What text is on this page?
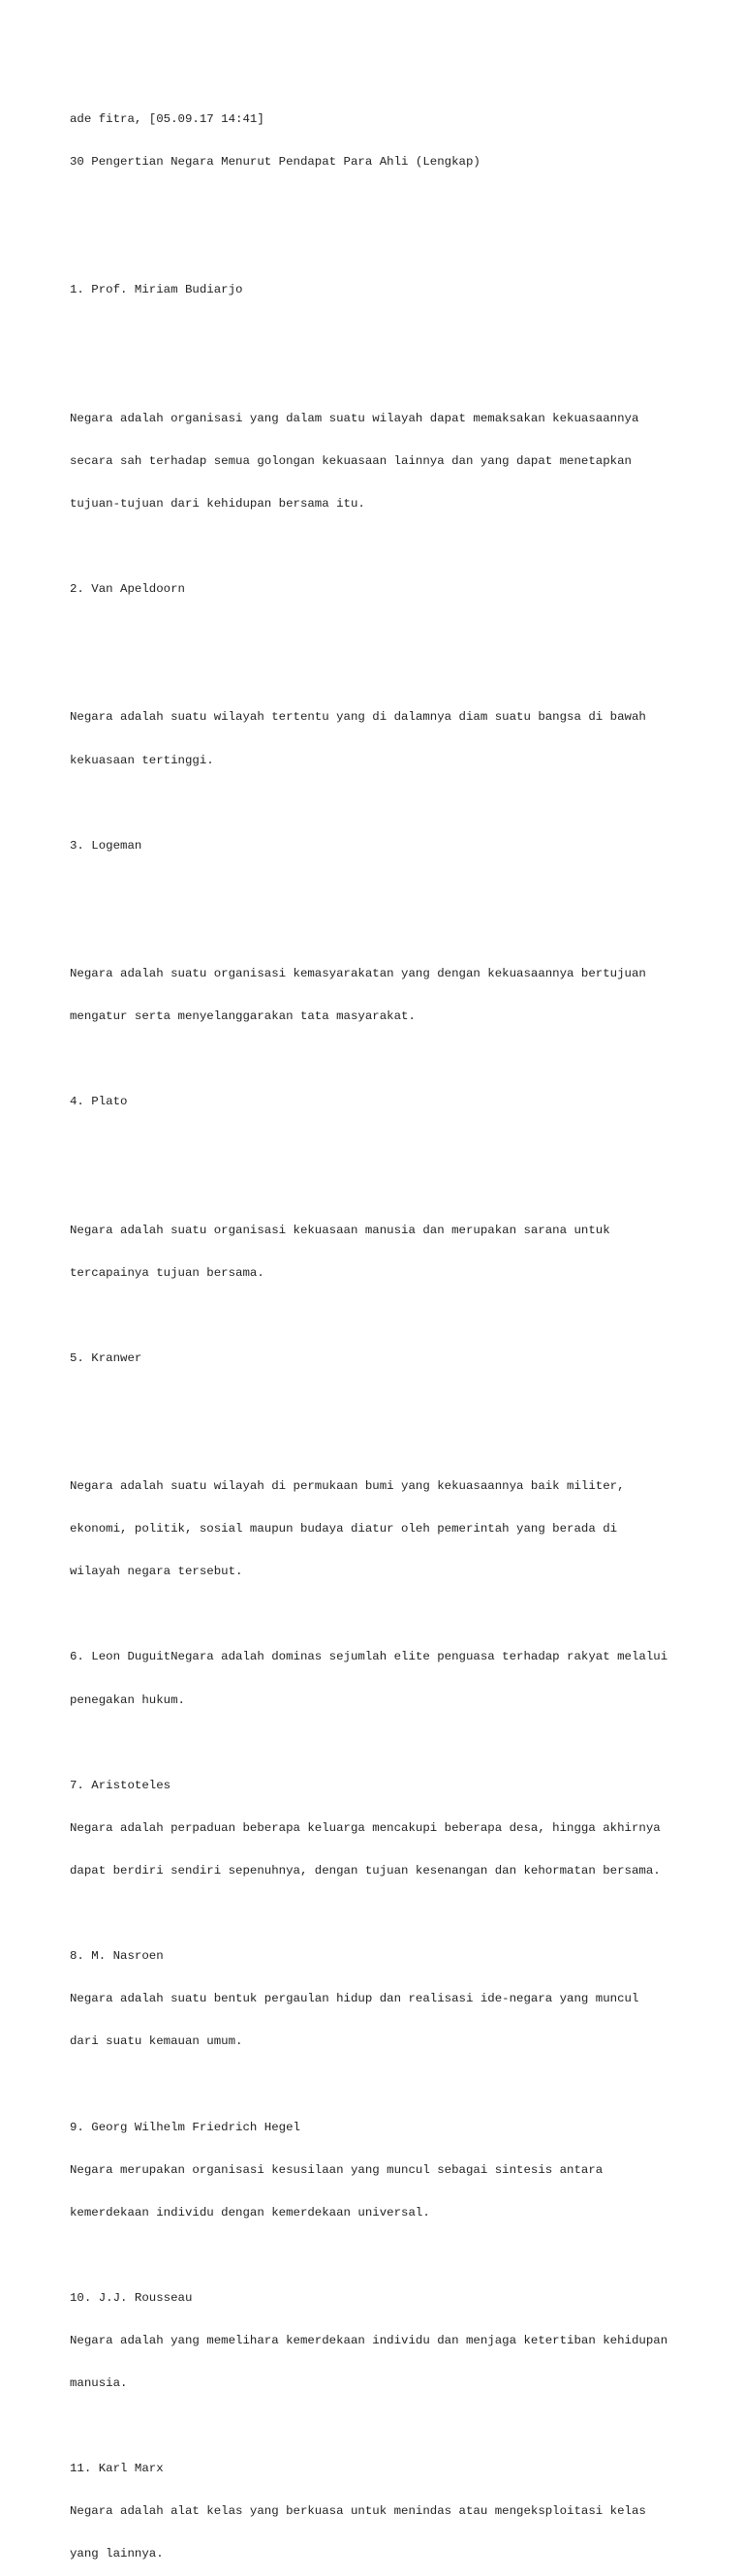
ade fitra, [05.09.17 14:41]

30 Pengertian Negara Menurut Pendapat Para Ahli (Lengkap)

1. Prof. Miriam Budiarjo

Negara adalah organisasi yang dalam suatu wilayah dapat memaksakan kekuasaannya

secara sah terhadap semua golongan kekuasaan lainnya dan yang dapat menetapkan

tujuan-tujuan dari kehidupan bersama itu.

2. Van Apeldoorn

Negara adalah suatu wilayah tertentu yang di dalamnya diam suatu bangsa di bawah

kekuasaan tertinggi.

3. Logeman

Negara adalah suatu organisasi kemasyarakatan yang dengan kekuasaannya bertujuan

mengatur serta menyelanggarakan tata masyarakat.

4. Plato

Negara adalah suatu organisasi kekuasaan manusia dan merupakan sarana untuk

tercapainya tujuan bersama.

5. Kranwer

Negara adalah suatu wilayah di permukaan bumi yang kekuasaannya baik militer,

ekonomi, politik, sosial maupun budaya diatur oleh pemerintah yang berada di

wilayah negara tersebut.

6. Leon DuguitNegara adalah dominas sejumlah elite penguasa terhadap rakyat melalui

penegakan hukum.

7. Aristoteles

Negara adalah perpaduan beberapa keluarga mencakupi beberapa desa, hingga akhirnya

dapat berdiri sendiri sepenuhnya, dengan tujuan kesenangan dan kehormatan bersama.

8. M. Nasroen

Negara adalah suatu bentuk pergaulan hidup dan realisasi ide-negara yang muncul

dari suatu kemauan umum.

9. Georg Wilhelm Friedrich Hegel

Negara merupakan organisasi kesusilaan yang muncul sebagai sintesis antara

kemerdekaan individu dengan kemerdekaan universal.

10. J.J. Rousseau

Negara adalah yang memelihara kemerdekaan individu dan menjaga ketertiban kehidupan

manusia.

11. Karl Marx

Negara adalah alat kelas yang berkuasa untuk menindas atau mengeksploitasi kelas

yang lainnya.
